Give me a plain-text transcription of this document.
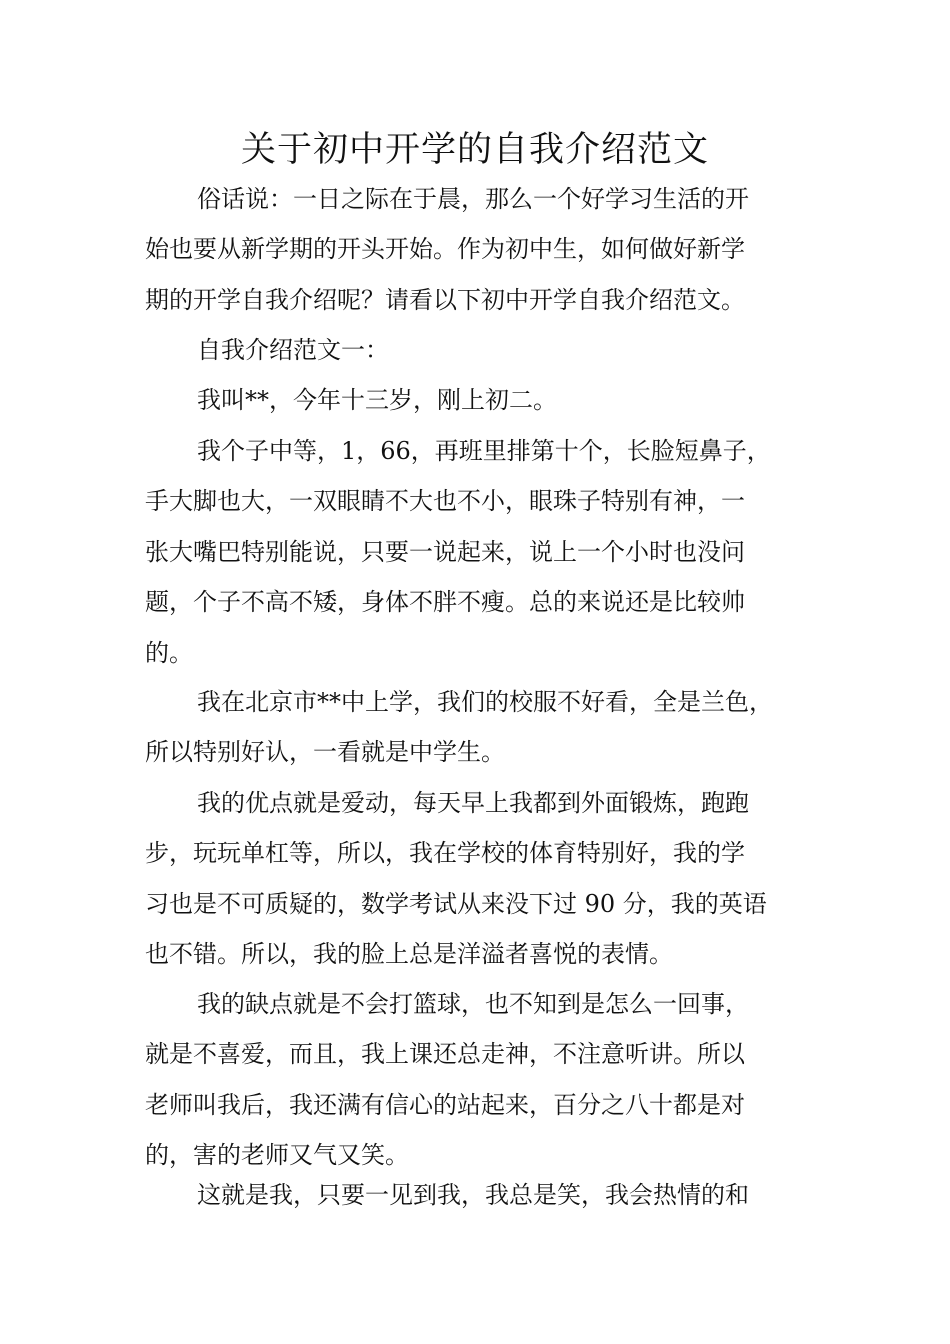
关于初中开学的自我介绍范文
俗话说：一日之际在于晨，那么一个好学习生活的开
始也要从新学期的开头开始。作为初中生，如何做好新学
期的开学自我介绍呢？请看以下初中开学自我介绍范文。
自我介绍范文一：
我叫**，今年十三岁，刚上初二。
我个子中等，1，66，再班里排第十个，长脸短鼻子，
手大脚也大，一双眼睛不大也不小，眼珠子特别有神，一
张大嘴巴特别能说，只要一说起来，说上一个小时也没问
题，个子不高不矮，身体不胖不瘦。总的来说还是比较帅
的。
我在北京市**中上学，我们的校服不好看，全是兰色，
所以特别好认，一看就是中学生。
我的优点就是爱动，每天早上我都到外面锻炼，跑跑
步，玩玩单杠等，所以，我在学校的体育特别好，我的学
习也是不可质疑的，数学考试从来没下过 90 分，我的英语
也不错。所以，我的脸上总是洋溢者喜悦的表情。
我的缺点就是不会打篮球，也不知到是怎么一回事，
就是不喜爱，而且，我上课还总走神，不注意听讲。所以
老师叫我后，我还满有信心的站起来，百分之八十都是对
的，害的老师又气又笑。
这就是我，只要一见到我，我总是笑，我会热情的和
